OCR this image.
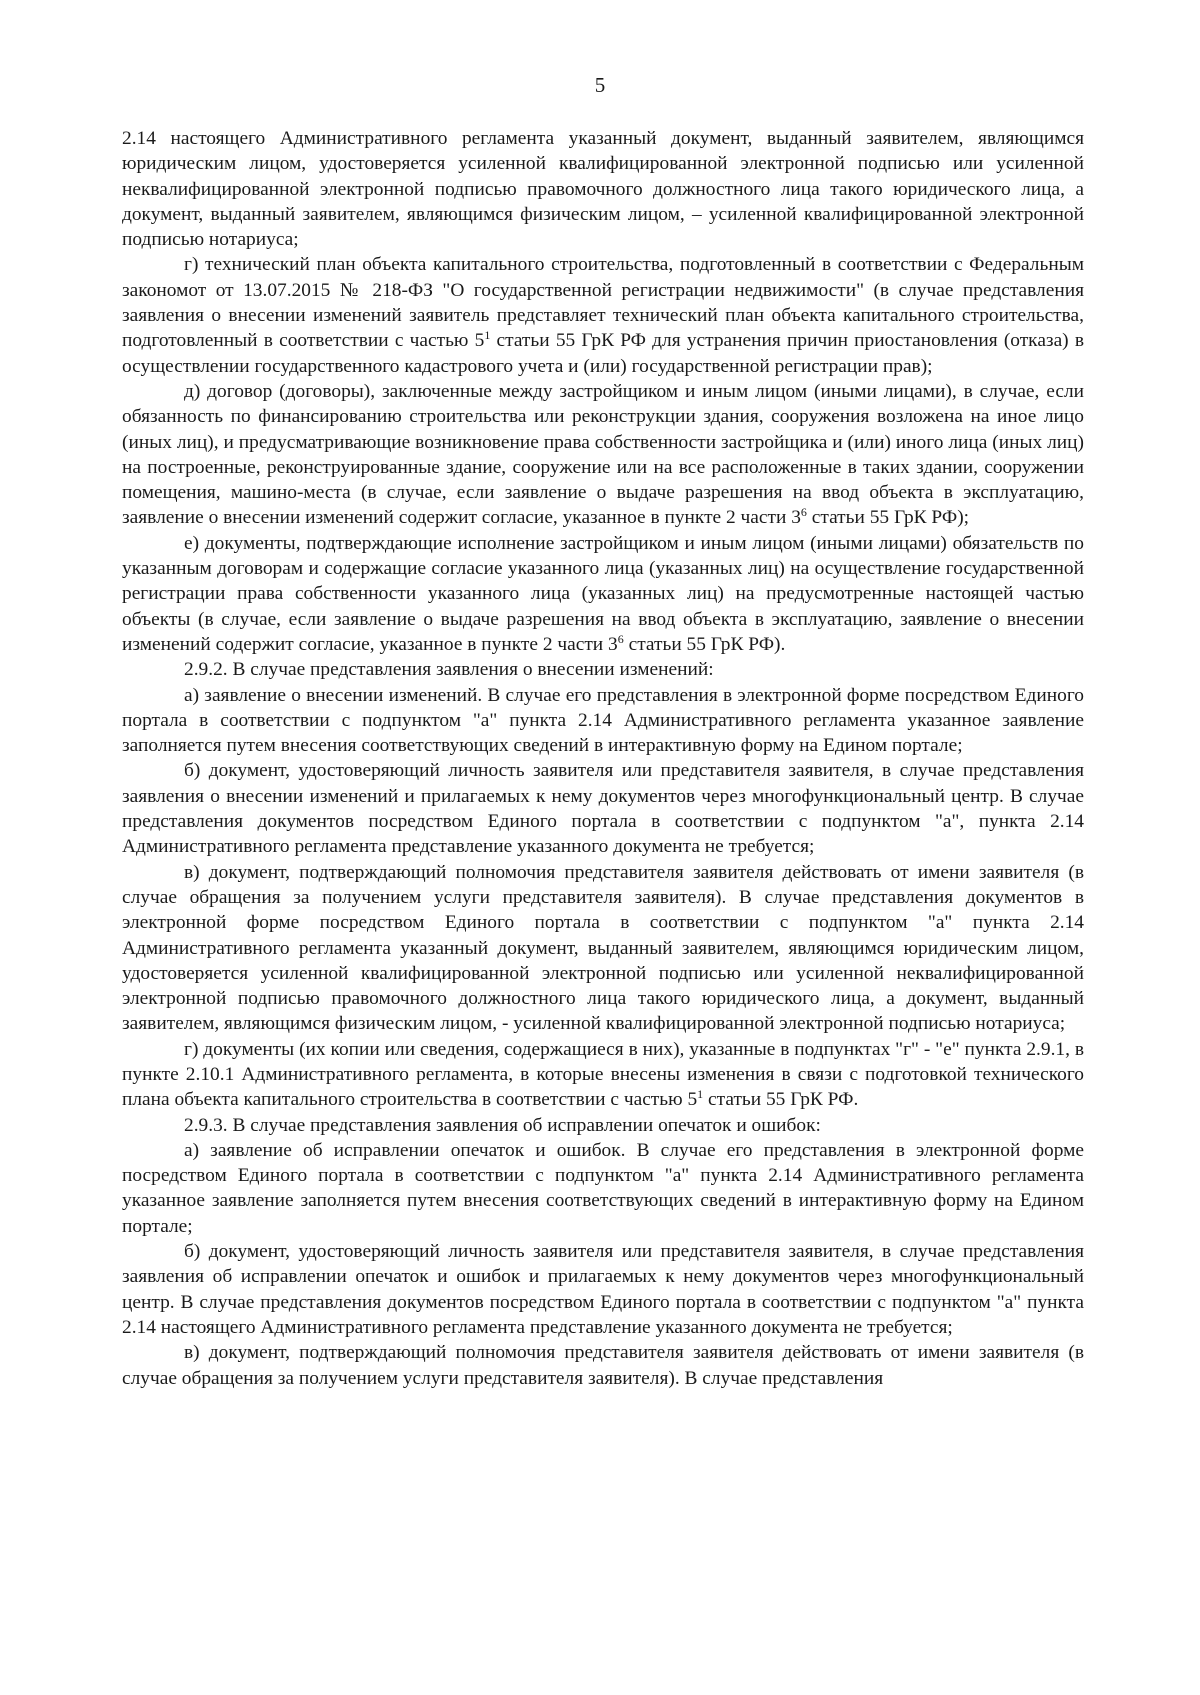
5

2.14 настоящего Административного регламента указанный документ, выданный заявителем, являющимся юридическим лицом, удостоверяется усиленной квалифицированной электронной подписью или усиленной неквалифицированной электронной подписью правомочного должностного лица такого юридического лица, а документ, выданный заявителем, являющимся физическим лицом, – усиленной квалифицированной электронной подписью нотариуса;

г) технический план объекта капитального строительства, подготовленный в соответствии с Федеральным закономот от 13.07.2015 № 218-ФЗ "О государственной регистрации недвижимости" (в случае представления заявления о внесении изменений заявитель представляет технический план объекта капитального строительства, подготовленный в соответствии с частью $5^1$ статьи 55 ГрК РФ для устранения причин приостановления (отказа) в осуществлении государственного кадастрового учета и (или) государственной регистрации прав);

д) договор (договоры), заключенные между застройщиком и иным лицом (иными лицами), в случае, если обязанность по финансированию строительства или реконструкции здания, сооружения возложена на иное лицо (иных лиц), и предусматривающие возникновение права собственности застройщика и (или) иного лица (иных лиц) на построенные, реконструированные здание, сооружение или на все расположенные в таких здании, сооружении помещения, машино-места (в случае, если заявление о выдаче разрешения на ввод объекта в эксплуатацию, заявление о внесении изменений содержит согласие, указанное в пункте 2 части $3^6$ статьи 55 ГрК РФ);

е) документы, подтверждающие исполнение застройщиком и иным лицом (иными лицами) обязательств по указанным договорам и содержащие согласие указанного лица (указанных лиц) на осуществление государственной регистрации права собственности указанного лица (указанных лиц) на предусмотренные настоящей частью объекты (в случае, если заявление о выдаче разрешения на ввод объекта в эксплуатацию, заявление о внесении изменений содержит согласие, указанное в пункте 2 части $3^6$ статьи 55 ГрК РФ).

2.9.2. В случае представления заявления о внесении изменений:

а) заявление о внесении изменений. В случае его представления в электронной форме посредством Единого портала в соответствии с подпунктом "а" пункта 2.14 Административного регламента указанное заявление заполняется путем внесения соответствующих сведений в интерактивную форму на Едином портале;

б) документ, удостоверяющий личность заявителя или представителя заявителя, в случае представления заявления о внесении изменений и прилагаемых к нему документов через многофункциональный центр. В случае представления документов посредством Единого портала в соответствии с подпунктом "а", пункта 2.14 Административного регламента представление указанного документа не требуется;

в) документ, подтверждающий полномочия представителя заявителя действовать от имени заявителя (в случае обращения за получением услуги представителя заявителя). В случае представления документов в электронной форме посредством Единого портала в соответствии с подпунктом "а" пункта 2.14 Административного регламента указанный документ, выданный заявителем, являющимся юридическим лицом, удостоверяется усиленной квалифицированной электронной подписью или усиленной неквалифицированной электронной подписью правомочного должностного лица такого юридического лица, а документ, выданный заявителем, являющимся физическим лицом, - усиленной квалифицированной электронной подписью нотариуса;

г) документы (их копии или сведения, содержащиеся в них), указанные в подпунктах "г" - "е" пункта 2.9.1, в пункте 2.10.1 Административного регламента, в которые внесены изменения в связи с подготовкой технического плана объекта капитального строительства в соответствии с частью $5^1$ статьи 55 ГрК РФ.

2.9.3. В случае представления заявления об исправлении опечаток и ошибок:

а) заявление об исправлении опечаток и ошибок. В случае его представления в электронной форме посредством Единого портала в соответствии с подпунктом "а" пункта 2.14 Административного регламента указанное заявление заполняется путем внесения соответствующих сведений в интерактивную форму на Едином портале;

б) документ, удостоверяющий личность заявителя или представителя заявителя, в случае представления заявления об исправлении опечаток и ошибок и прилагаемых к нему документов через многофункциональный центр. В случае представления документов посредством Единого портала в соответствии с подпунктом "а" пункта 2.14 настоящего Административного регламента представление указанного документа не требуется;

в) документ, подтверждающий полномочия представителя заявителя действовать от имени заявителя (в случае обращения за получением услуги представителя заявителя). В случае представления
